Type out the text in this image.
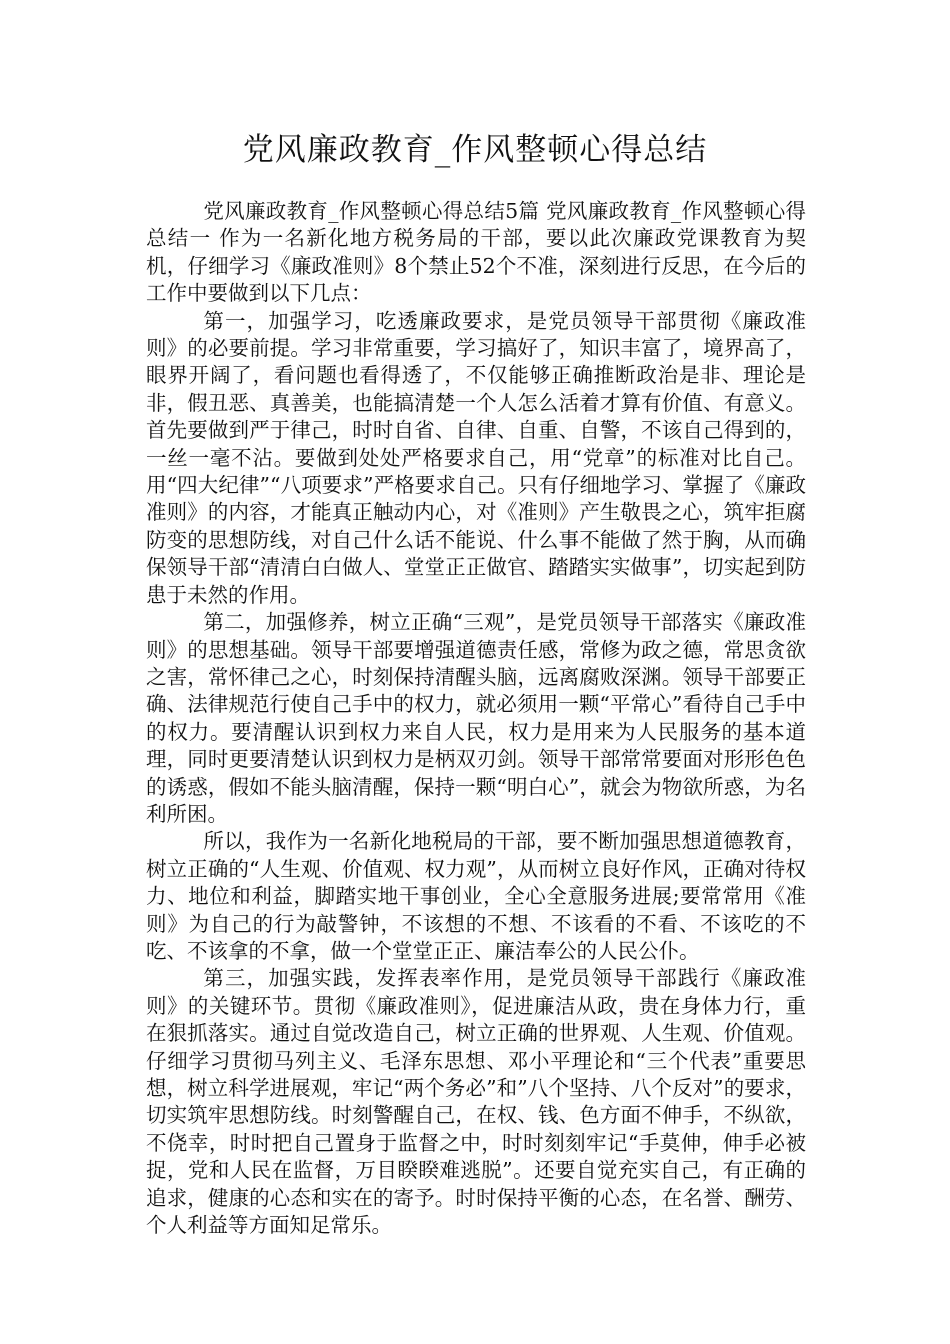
党风廉政教育_作风整顿心得总结

党风廉政教育_作风整顿心得总结5篇 党风廉政教育_作风整顿心得总结一 作为一名新化地方税务局的干部，要以此次廉政党课教育为契机，仔细学习《廉政准则》8个禁止52个不准，深刻进行反思，在今后的工作中要做到以下几点：

第一，加强学习，吃透廉政要求，是党员领导干部贯彻《廉政准则》的必要前提。学习非常重要，学习搞好了，知识丰富了，境界高了，眼界开阔了，看问题也看得透了，不仅能够正确推断政治是非、理论是非，假丑恶、真善美，也能搞清楚一个人怎么活着才算有价值、有意义。首先要做到严于律己，时时自省、自律、自重、自警，不该自己得到的，一丝一毫不沾。要做到处处严格要求自己，用“党章”的标准对比自己。用“四大纪律”“八项要求”严格要求自己。只有仔细地学习、掌握了《廉政准则》的内容，才能真正触动内心，对《准则》产生敬畏之心，筑牢拒腐防变的思想防线，对自己什么话不能说、什么事不能做了然于胸，从而确保领导干部“清清白白做人、堂堂正正做官、踏踏实实做事”，切实起到防患于未然的作用。

第二，加强修养，树立正确“三观”，是党员领导干部落实《廉政准则》的思想基础。领导干部要增强道德责任感，常修为政之德，常思贪欲之害，常怀律己之心，时刻保持清醒头脑，远离腐败深渊。领导干部要正确、法律规范行使自己手中的权力，就必须用一颗“平常心”看待自己手中的权力。要清醒认识到权力来自人民，权力是用来为人民服务的基本道理，同时更要清楚认识到权力是柄双刃剑。领导干部常常要面对形形色色的诱惑，假如不能头脑清醒，保持一颗“明白心”，就会为物欲所惑，为名利所困。

所以，我作为一名新化地税局的干部，要不断加强思想道德教育，树立正确的“人生观、价值观、权力观”，从而树立良好作风，正确对待权力、地位和利益，脚踏实地干事创业，全心全意服务进展;要常常用《准则》为自己的行为敲警钟，不该想的不想、不该看的不看、不该吃的不吃、不该拿的不拿，做一个堂堂正正、廉洁奉公的人民公仆。

第三，加强实践，发挥表率作用，是党员领导干部践行《廉政准则》的关键环节。贯彻《廉政准则》，促进廉洁从政，贵在身体力行，重在狠抓落实。通过自觉改造自己，树立正确的世界观、人生观、价值观。仔细学习贯彻马列主义、毛泽东思想、邓小平理论和“三个代表”重要思想，树立科学进展观，牢记“两个务必”和”八个坚持、八个反对”的要求，切实筑牢思想防线。时刻警醒自己，在权、钱、色方面不伸手，不纵欲，不侥幸，时时把自己置身于监督之中，时时刻刻牢记“手莫伸，伸手必被捉，党和人民在监督，万目睽睽难逃脱”。还要自觉充实自己，有正确的追求，健康的心态和实在的寄予。时时保持平衡的心态，在名誉、酬劳、个人利益等方面知足常乐。
